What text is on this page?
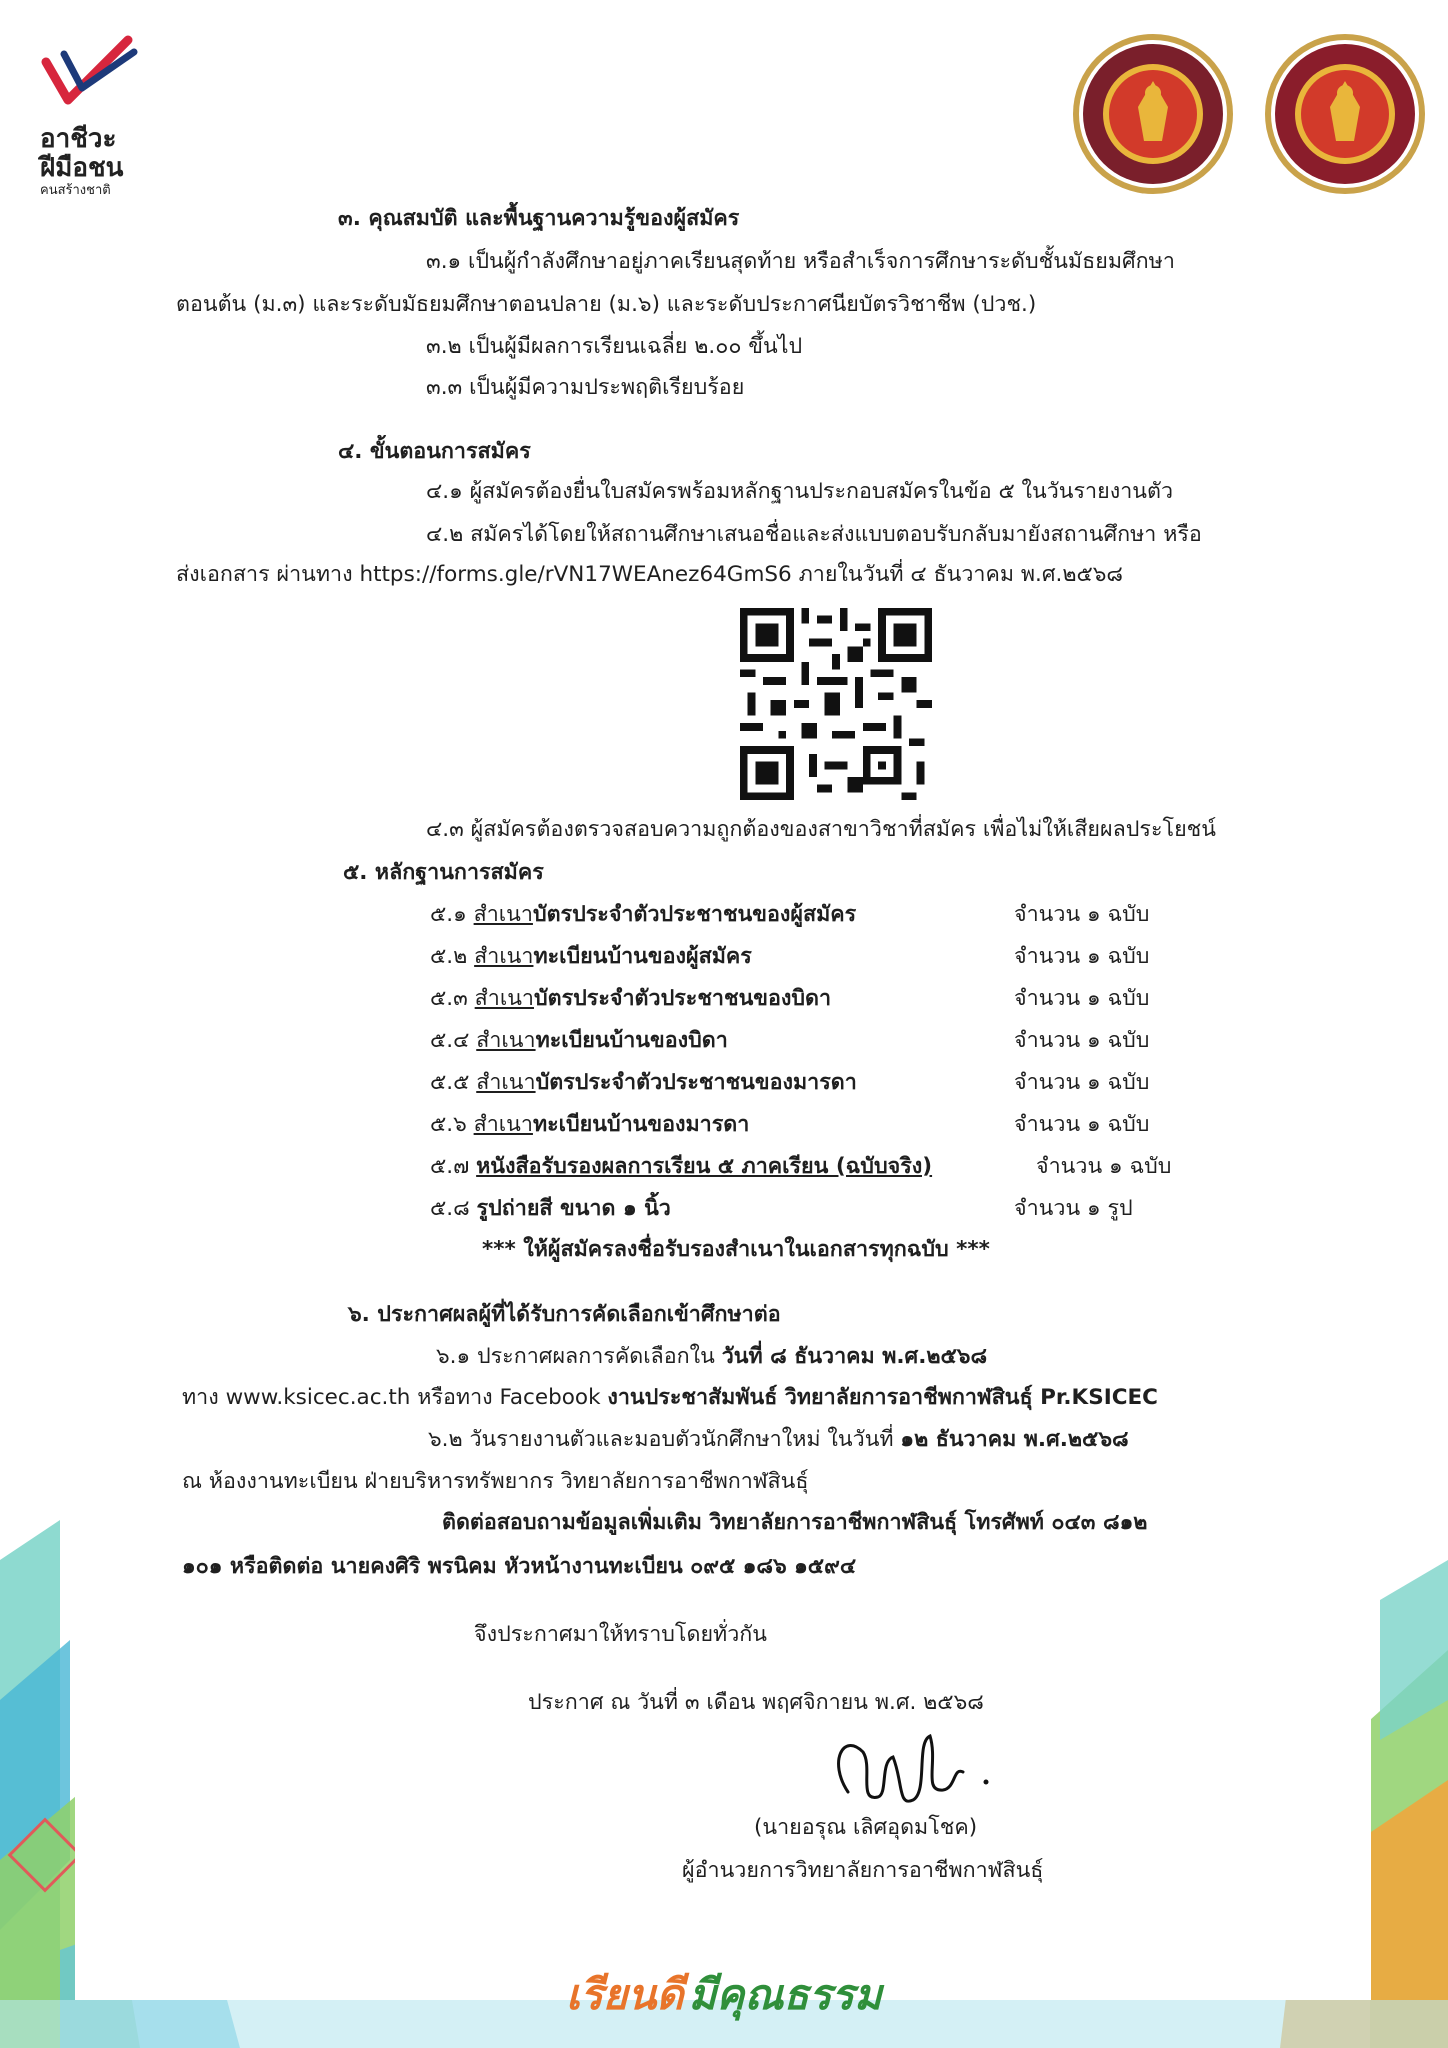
อาชีวะ
ฝีมือชน
คนสร้างชาติ
๓. คุณสมบัติ และพื้นฐานความรู้ของผู้สมัคร
๓.๑ เป็นผู้กำลังศึกษาอยู่ภาคเรียนสุดท้าย หรือสำเร็จการศึกษาระดับชั้นมัธยมศึกษา
ตอนต้น (ม.๓) และระดับมัธยมศึกษาตอนปลาย (ม.๖) และระดับประกาศนียบัตรวิชาชีพ (ปวช.)
๓.๒ เป็นผู้มีผลการเรียนเฉลี่ย ๒.๐๐ ขึ้นไป
๓.๓ เป็นผู้มีความประพฤติเรียบร้อย
๔. ขั้นตอนการสมัคร
๔.๑ ผู้สมัครต้องยื่นใบสมัครพร้อมหลักฐานประกอบสมัครในข้อ ๕ ในวันรายงานตัว
๔.๒ สมัครได้โดยให้สถานศึกษาเสนอชื่อและส่งแบบตอบรับกลับมายังสถานศึกษา หรือ
ส่งเอกสาร ผ่านทาง https://forms.gle/rVN17WEAnez64GmS6 ภายในวันที่ ๔ ธันวาคม พ.ศ.๒๕๖๘
๔.๓ ผู้สมัครต้องตรวจสอบความถูกต้องของสาขาวิชาที่สมัคร เพื่อไม่ให้เสียผลประโยชน์
๕. หลักฐานการสมัคร
๕.๑ สำเนาบัตรประจำตัวประชาชนของผู้สมัคร	จำนวน ๑ ฉบับ
๕.๒ สำเนาทะเบียนบ้านของผู้สมัคร	จำนวน ๑ ฉบับ
๕.๓ สำเนาบัตรประจำตัวประชาชนของบิดา	จำนวน ๑ ฉบับ
๕.๔ สำเนาทะเบียนบ้านของบิดา	จำนวน ๑ ฉบับ
๕.๕ สำเนาบัตรประจำตัวประชาชนของมารดา	จำนวน ๑ ฉบับ
๕.๖ สำเนาทะเบียนบ้านของมารดา	จำนวน ๑ ฉบับ
๕.๗ หนังสือรับรองผลการเรียน ๕ ภาคเรียน (ฉบับจริง)	จำนวน ๑ ฉบับ
๕.๘ รูปถ่ายสี ขนาด ๑ นิ้ว	จำนวน ๑ รูป
*** ให้ผู้สมัครลงชื่อรับรองสำเนาในเอกสารทุกฉบับ ***
๖. ประกาศผลผู้ที่ได้รับการคัดเลือกเข้าศึกษาต่อ
๖.๑ ประกาศผลการคัดเลือกใน วันที่ ๘ ธันวาคม พ.ศ.๒๕๖๘
ทาง www.ksicec.ac.th หรือทาง Facebook งานประชาสัมพันธ์ วิทยาลัยการอาชีพกาฬสินธุ์ Pr.KSICEC
๖.๒ วันรายงานตัวและมอบตัวนักศึกษาใหม่ ในวันที่ ๑๒ ธันวาคม พ.ศ.๒๕๖๘
ณ ห้องงานทะเบียน ฝ่ายบริหารทรัพยากร วิทยาลัยการอาชีพกาฬสินธุ์
ติดต่อสอบถามข้อมูลเพิ่มเติม วิทยาลัยการอาชีพกาฬสินธุ์ โทรศัพท์ ๐๔๓ ๘๑๒
๑๐๑ หรือติดต่อ นายคงศิริ พรนิคม หัวหน้างานทะเบียน ๐๙๕ ๑๘๖ ๑๕๙๔
จึงประกาศมาให้ทราบโดยทั่วกัน
ประกาศ ณ วันที่ ๓ เดือน พฤศจิกายน พ.ศ. ๒๕๖๘
(นายอรุณ เลิศอุดมโชค)
ผู้อำนวยการวิทยาลัยการอาชีพกาฬสินธุ์
เรียนดี มีคุณธรรม
